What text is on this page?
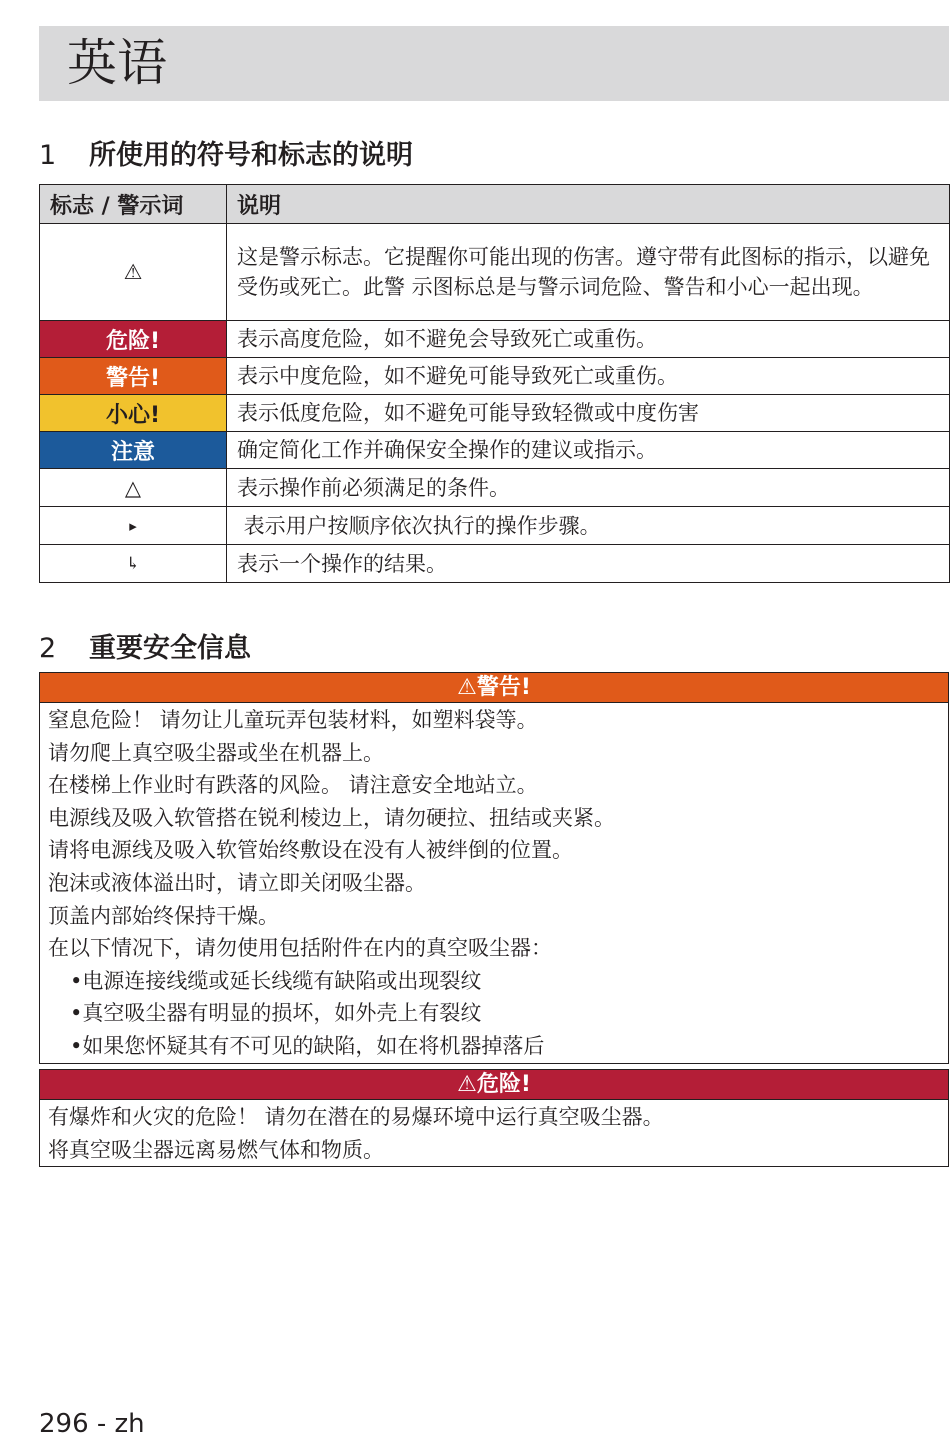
英语
1 所使用的符号和标志的说明
标志 / 警示词	说明
⚠	这是警示标志。它提醒你可能出现的伤害。遵守带有此图标的指示，以避免受伤或死亡。此警 示图标总是与警示词危险、警告和小心一起出现。
危险!	表示高度危险，如不避免会导致死亡或重伤。
警告!	表示中度危险，如不避免可能导致死亡或重伤。
小心!	表示低度危险，如不避免可能导致轻微或中度伤害
注意	确定简化工作并确保安全操作的建议或指示。
△	表示操作前必须满足的条件。
▸	表示用户按顺序依次执行的操作步骤。
↳	表示一个操作的结果。
2 重要安全信息
⚠警告!
窒息危险！ 请勿让儿童玩弄包装材料，如塑料袋等。
请勿爬上真空吸尘器或坐在机器上。
在楼梯上作业时有跌落的风险。 请注意安全地站立。
电源线及吸入软管搭在锐利棱边上，请勿硬拉、扭结或夹紧。
请将电源线及吸入软管始终敷设在没有人被绊倒的位置。
泡沫或液体溢出时，请立即关闭吸尘器。
顶盖内部始终保持干燥。
在以下情况下，请勿使用包括附件在内的真空吸尘器：
•电源连接线缆或延长线缆有缺陷或出现裂纹
•真空吸尘器有明显的损坏，如外壳上有裂纹
•如果您怀疑其有不可见的缺陷，如在将机器掉落后
⚠危险!
有爆炸和火灾的危险！ 请勿在潜在的易爆环境中运行真空吸尘器。
将真空吸尘器远离易燃气体和物质。
296 - zh
